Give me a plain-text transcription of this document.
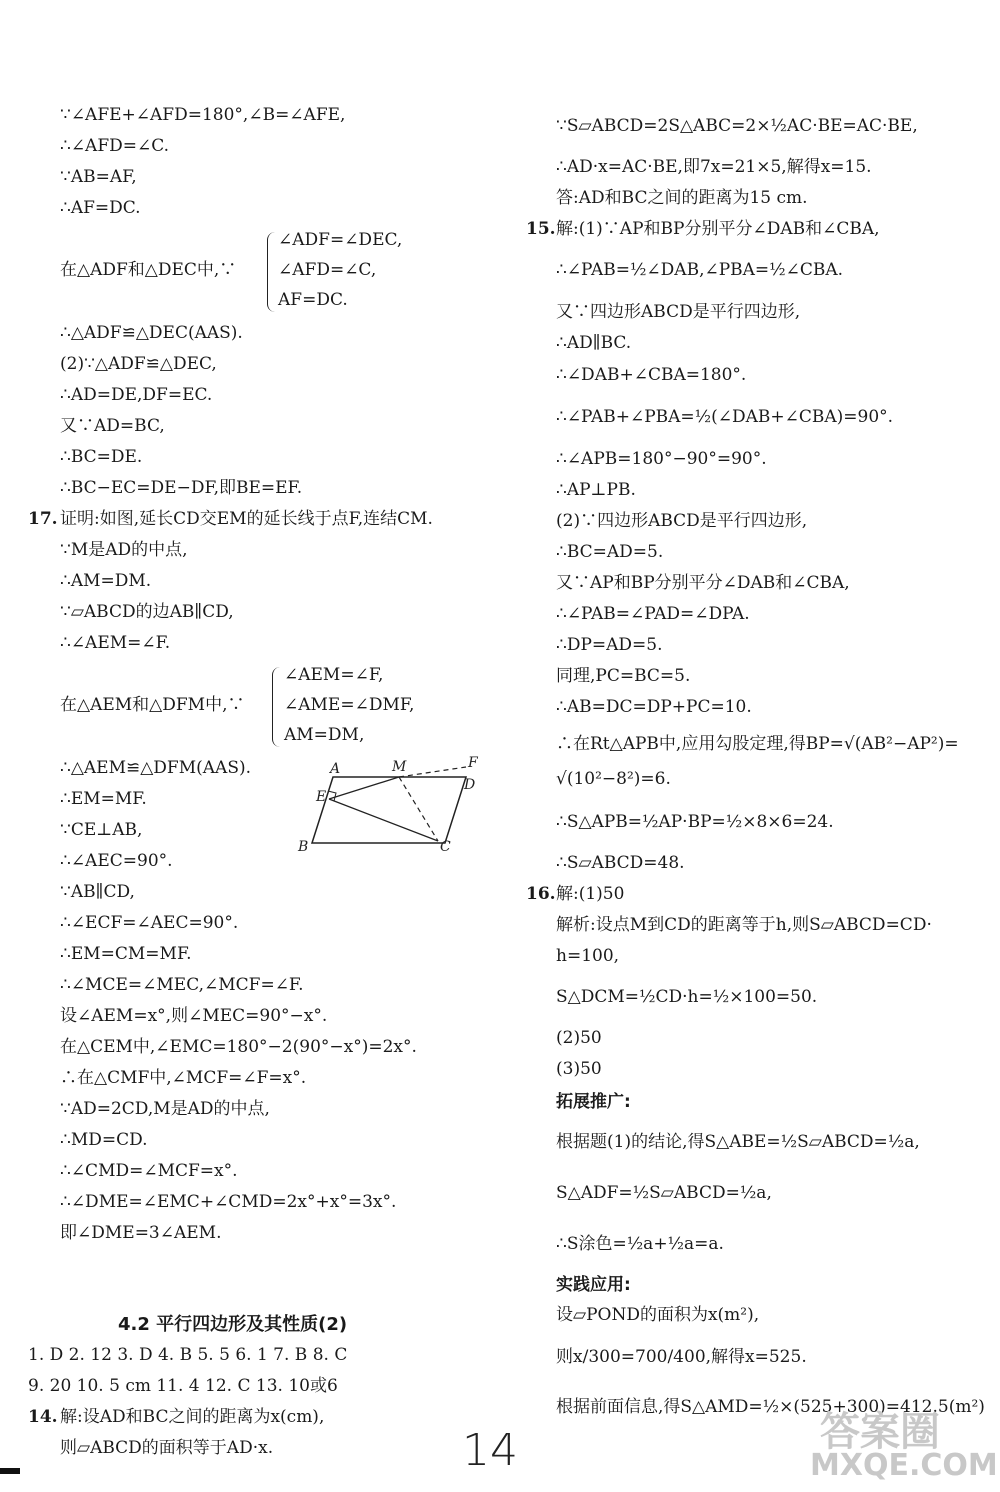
∵∠AFE+∠AFD=180°,∠B=∠AFE,
∴∠AFD=∠C.
∵AB=AF,
∴AF=DC.
在△ADF和△DEC中,∵
∠ADF=∠DEC,
∠AFD=∠C,
AF=DC.
∴△ADF≌△DEC(AAS).
(2)∵△ADF≌△DEC,
∴AD=DE,DF=EC.
又∵AD=BC,
∴BC=DE.
∴BC−EC=DE−DF,即BE=EF.
17. 证明:如图,延长CD交EM的延长线于点F,连结CM.
∵M是AD的中点,
∴AM=DM.
∵▱ABCD的边AB∥CD,
∴∠AEM=∠F.
在△AEM和△DFM中,∵
∠AEM=∠F,
∠AME=∠DMF,
AM=DM,
∴△AEM≌△DFM(AAS).
∴EM=MF.
∵CE⊥AB,
∴∠AEC=90°.
∵AB∥CD,
∴∠ECF=∠AEC=90°.
∴EM=CM=MF.
∴∠MCE=∠MEC,∠MCF=∠F.
设∠AEM=x°,则∠MEC=90°−x°.
在△CEM中,∠EMC=180°−2(90°−x°)=2x°.
∴在△CMF中,∠MCF=∠F=x°.
∵AD=2CD,M是AD的中点,
∴MD=CD.
∴∠CMD=∠MCF=x°.
∴∠DME=∠EMC+∠CMD=2x°+x°=3x°.
即∠DME=3∠AEM.
A	M	F
D
E
B	C
4.2 平行四边形及其性质(2)
1. D 2. 12 3. D 4. B 5. 5 6. 1 7. B 8. C
9. 20 10. 5 cm 11. 4 12. C 13. 10或6
14. 解:设AD和BC之间的距离为x(cm),
则▱ABCD的面积等于AD·x.
∵S▱ABCD=2S△ABC=2×½AC·BE=AC·BE,
∴AD·x=AC·BE,即7x=21×5,解得x=15.
答:AD和BC之间的距离为15 cm.
15. 解:(1)∵AP和BP分别平分∠DAB和∠CBA,
∴∠PAB=½∠DAB,∠PBA=½∠CBA.
又∵四边形ABCD是平行四边形,
∴AD∥BC.
∴∠DAB+∠CBA=180°.
∴∠PAB+∠PBA=½(∠DAB+∠CBA)=90°.
∴∠APB=180°−90°=90°.
∴AP⊥PB.
(2)∵四边形ABCD是平行四边形,
∴BC=AD=5.
又∵AP和BP分别平分∠DAB和∠CBA,
∴∠PAB=∠PAD=∠DPA.
∴DP=AD=5.
同理,PC=BC=5.
∴AB=DC=DP+PC=10.
∴在Rt△APB中,应用勾股定理,得BP=√(AB²−AP²)=
√(10²−8²)=6.
∴S△APB=½AP·BP=½×8×6=24.
∴S▱ABCD=48.
16. 解:(1)50
解析:设点M到CD的距离等于h,则S▱ABCD=CD·
h=100,
S△DCM=½CD·h=½×100=50.
(2)50
(3)50
拓展推广:
根据题(1)的结论,得S△ABE=½S▱ABCD=½a,
S△ADF=½S▱ABCD=½a,
∴S涂色=½a+½a=a.
实践应用:
设▱POND的面积为x(m²),
则x/300=700/400,解得x=525.
根据前面信息,得S△AMD=½×(525+300)=412.5(m²)
14	答案圈
MXQE.COM
